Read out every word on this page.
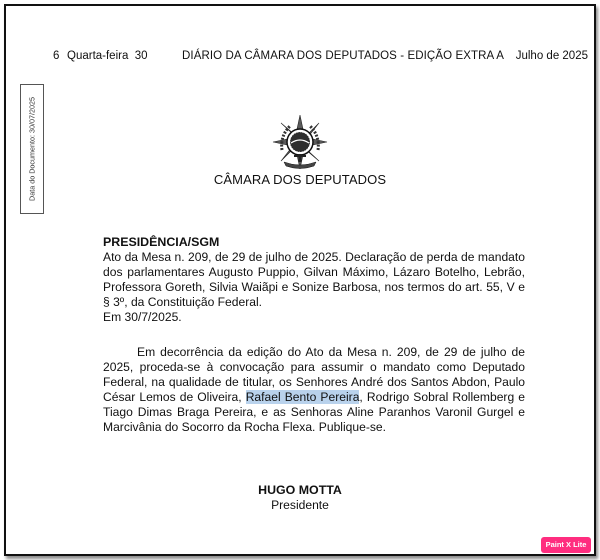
6 Quarta-feira  30	DIÁRIO DA CÂMARA DOS DEPUTADOS - EDIÇÃO EXTRA A Julho de 2025
Data do Documento: 30/07/2025	CÂMARA DOS DEPUTADOS

PRESIDÊNCIA/SGM

Ato da Mesa n. 209, de 29 de julho de 2025. Declaração de perda de mandato dos parlamentares Augusto Puppio, Gilvan Máximo, Lázaro Botelho, Lebrão, Professora Goreth, Silvia Waiãpi e Sonize Barbosa, nos termos do art. 55, V e § 3º, da Constituição Federal.

Em 30/7/2025.

Em decorrência da edição do Ato da Mesa n. 209, de 29 de julho de 2025, proceda-se à convocação para assumir o mandato como Deputado Federal, na qualidade de titular, os Senhores André dos Santos Abdon, Paulo César Lemos de Oliveira, Rafael Bento Pereira, Rodrigo Sobral Rollemberg e Tiago Dimas Braga Pereira, e as Senhoras Aline Paranhos Varonil Gurgel e Marcivânia do Socorro da Rocha Flexa. Publique-se.

HUGO MOTTA
Presidente
Paint X Lite
